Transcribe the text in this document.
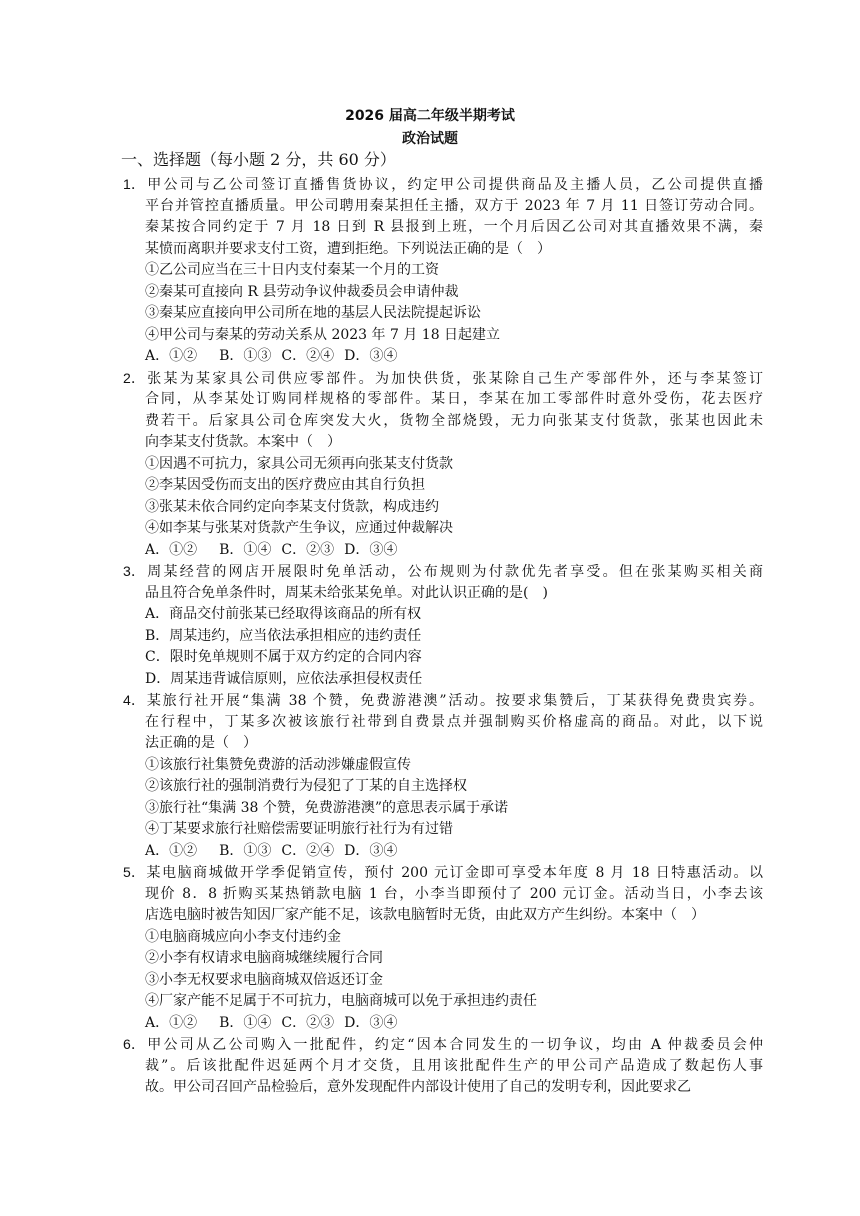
2026 届高二年级半期考试
政治试题
一、选择题（每小题 2 分，共 60 分）
1．甲公司与乙公司签订直播售货协议，约定甲公司提供商品及主播人员，乙公司提供直播
平台并管控直播质量。甲公司聘用秦某担任主播，双方于 2023 年 7 月 11 日签订劳动合同。
秦某按合同约定于 7 月 18 日到 R 县报到上班，一个月后因乙公司对其直播效果不满，秦
某愤而离职并要求支付工资，遭到拒绝。下列说法正确的是（　）
①乙公司应当在三十日内支付秦某一个月的工资
②秦某可直接向 R 县劳动争议仲裁委员会申请仲裁
③秦某应直接向甲公司所在地的基层人民法院提起诉讼
④甲公司与秦某的劳动关系从 2023 年 7 月 18 日起建立
A．①② B．①③ C．②④ D．③④
2．张某为某家具公司供应零部件。为加快供货，张某除自己生产零部件外，还与李某签订
合同，从李某处订购同样规格的零部件。某日，李某在加工零部件时意外受伤，花去医疗
费若干。后家具公司仓库突发大火，货物全部烧毁，无力向张某支付货款，张某也因此未
向李某支付货款。本案中（　）
①因遇不可抗力，家具公司无须再向张某支付货款
②李某因受伤而支出的医疗费应由其自行负担
③张某未依合同约定向李某支付货款，构成违约
④如李某与张某对货款产生争议，应通过仲裁解决
A．①② B．①④ C．②③ D．③④
3．周某经营的网店开展限时免单活动，公布规则为付款优先者享受。但在张某购买相关商
品且符合免单条件时，周某未给张某免单。对此认识正确的是(　)
A．商品交付前张某已经取得该商品的所有权
B．周某违约，应当依法承担相应的违约责任
C．限时免单规则不属于双方约定的合同内容
D．周某违背诚信原则，应依法承担侵权责任
4．某旅行社开展“集满 38 个赞，免费游港澳”活动。按要求集赞后，丁某获得免费贵宾券。
在行程中，丁某多次被该旅行社带到自费景点并强制购买价格虚高的商品。对此，以下说
法正确的是（　）
①该旅行社集赞免费游的活动涉嫌虚假宣传
②该旅行社的强制消费行为侵犯了丁某的自主选择权
③旅行社“集满 38 个赞，免费游港澳”的意思表示属于承诺
④丁某要求旅行社赔偿需要证明旅行社行为有过错
A．①② B．①③ C．②④ D．③④
5．某电脑商城做开学季促销宣传，预付 200 元订金即可享受本年度 8 月 18 日特惠活动。以
现价 8．8 折购买某热销款电脑 1 台，小李当即预付了 200 元订金。活动当日，小李去该
店选电脑时被告知因厂家产能不足，该款电脑暂时无货，由此双方产生纠纷。本案中（　）
①电脑商城应向小李支付违约金
②小李有权请求电脑商城继续履行合同
③小李无权要求电脑商城双倍返还订金
④厂家产能不足属于不可抗力，电脑商城可以免于承担违约责任
A．①② B．①④ C．②③ D．③④
6．甲公司从乙公司购入一批配件，约定“因本合同发生的一切争议，均由 A 仲裁委员会仲
裁”。后该批配件迟延两个月才交货，且用该批配件生产的甲公司产品造成了数起伤人事
故。甲公司召回产品检验后，意外发现配件内部设计使用了自己的发明专利，因此要求乙
